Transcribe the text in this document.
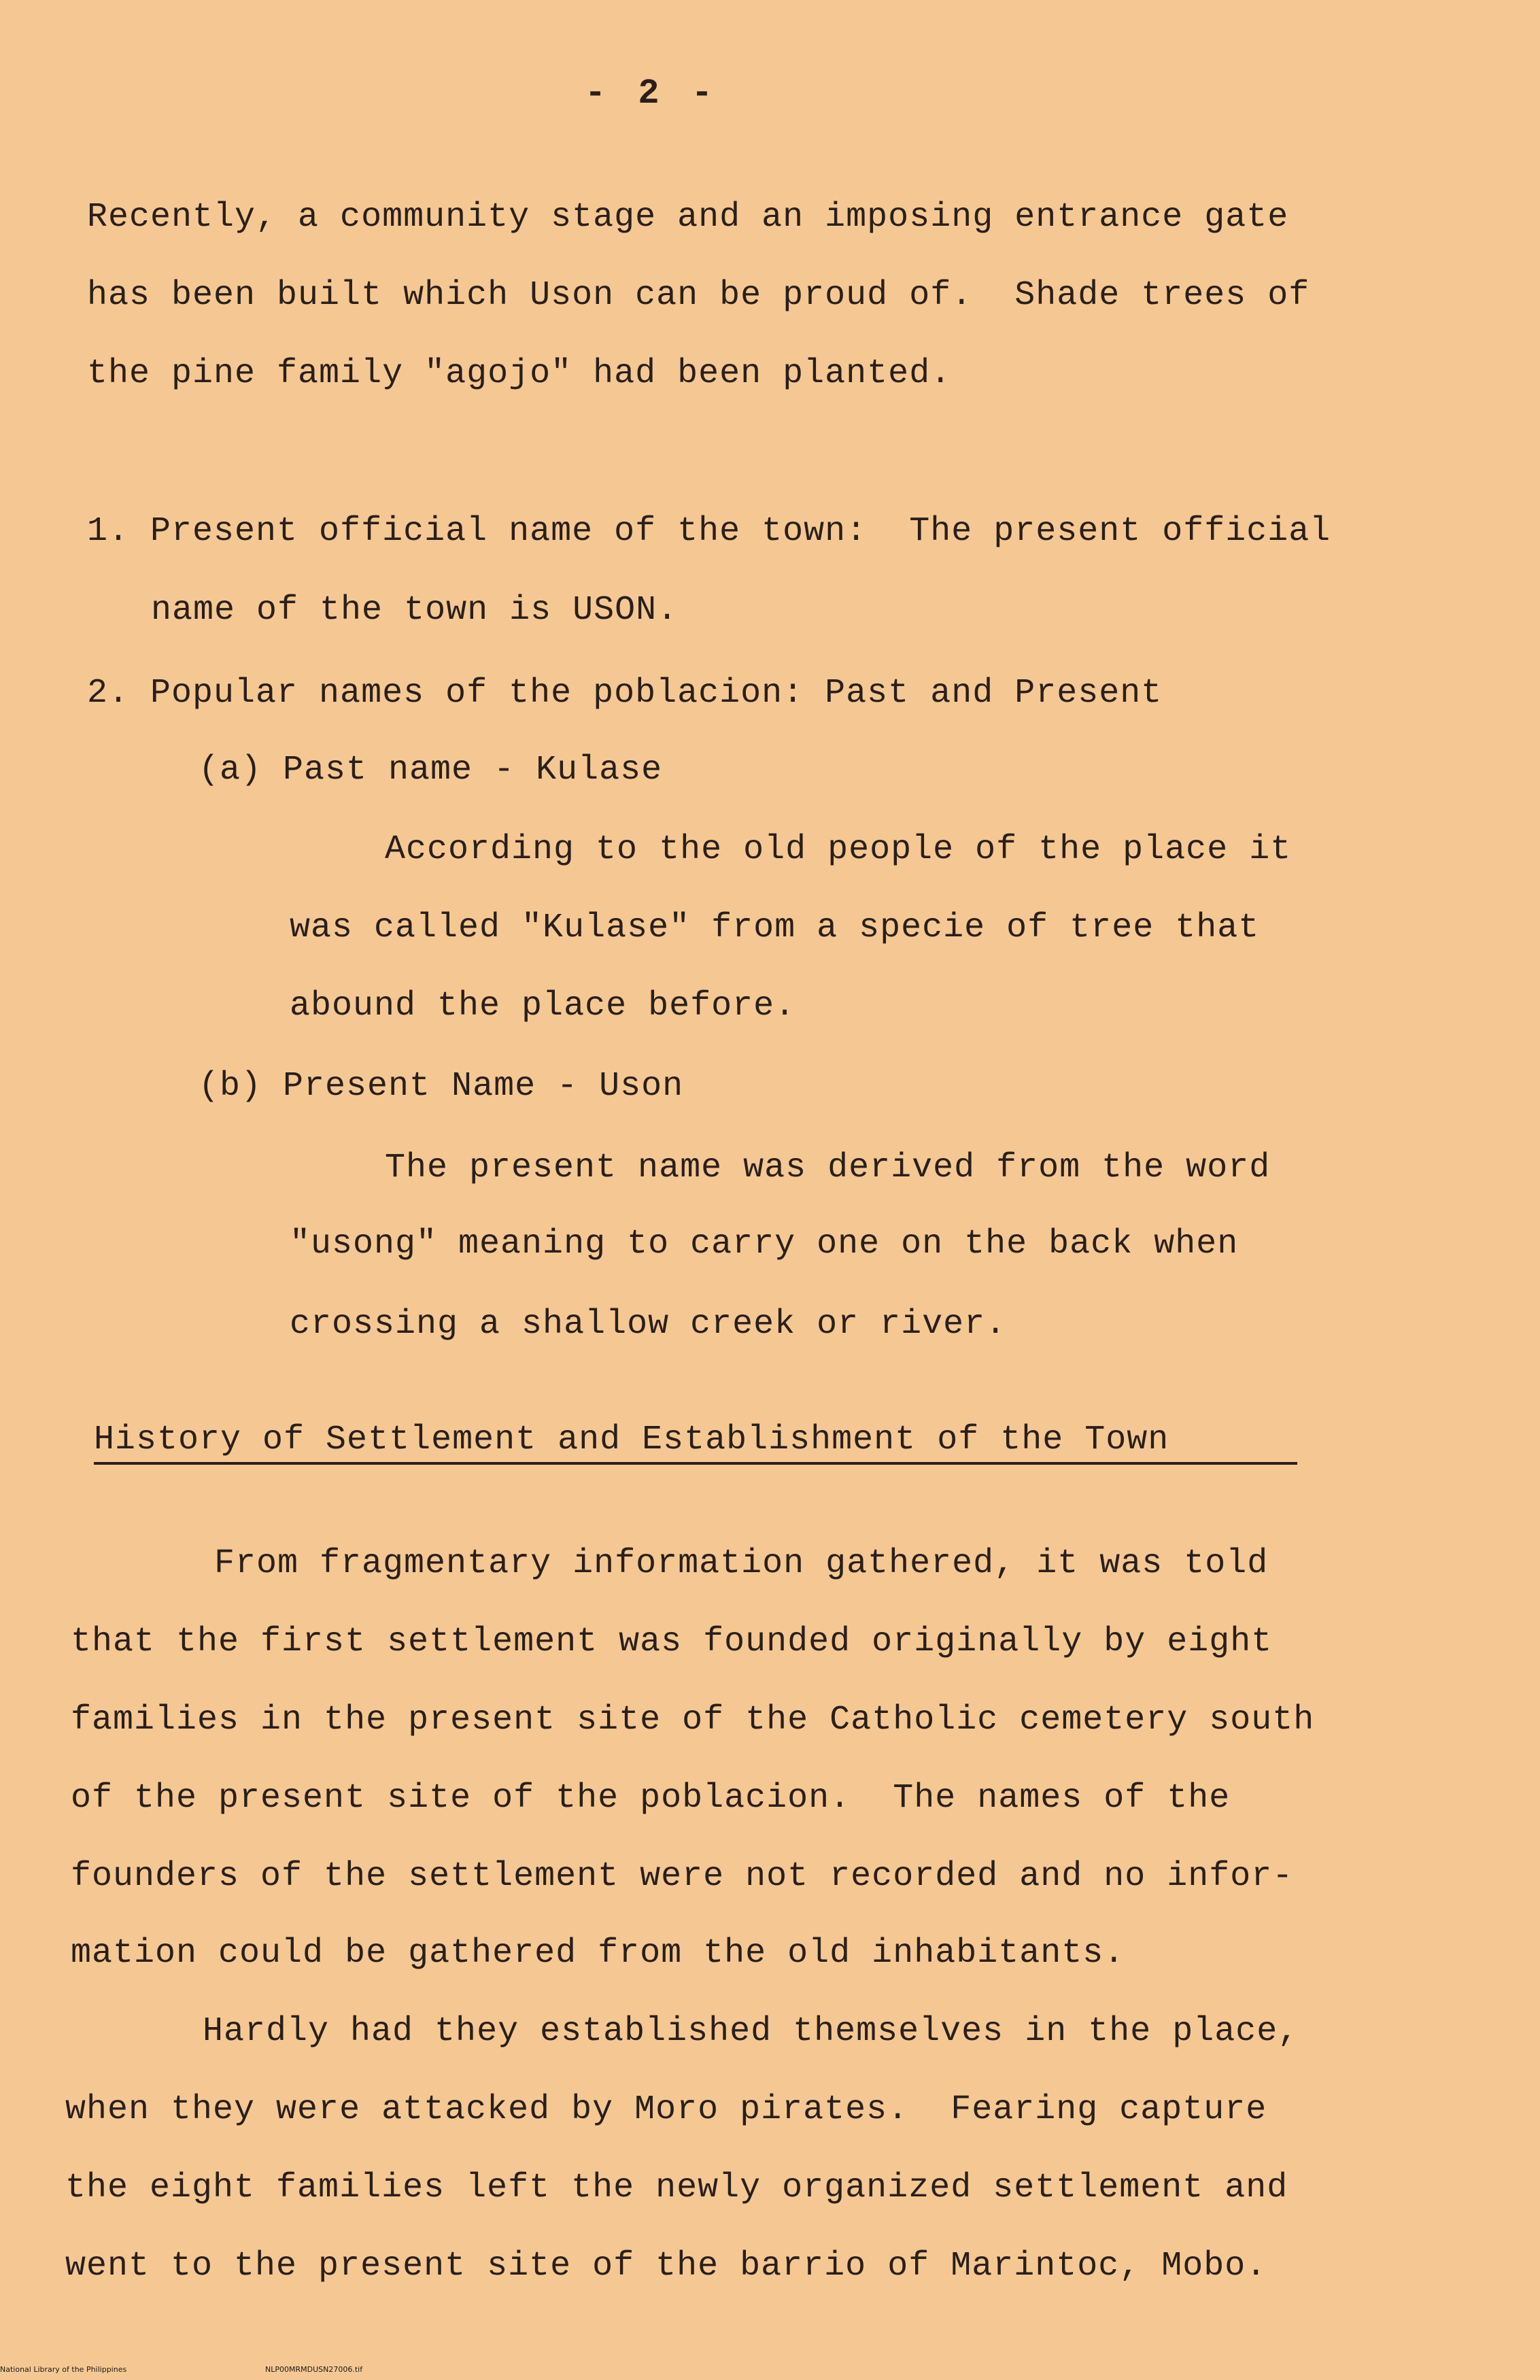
- 2 -
Recently, a community stage and an imposing entrance gate
has been built which Uson can be proud of.  Shade trees of
the pine family "agojo" had been planted.
1. Present official name of the town:  The present official
name of the town is USON.
2. Popular names of the poblacion: Past and Present
(a) Past name - Kulase
According to the old people of the place it
was called "Kulase" from a specie of tree that
abound the place before.
(b) Present Name - Uson
The present name was derived from the word
"usong" meaning to carry one on the back when
crossing a shallow creek or river.
History of Settlement and Establishment of the Town
From fragmentary information gathered, it was told
that the first settlement was founded originally by eight
families in the present site of the Catholic cemetery south
of the present site of the poblacion.  The names of the
founders of the settlement were not recorded and no infor-
mation could be gathered from the old inhabitants.
Hardly had they established themselves in the place,
when they were attacked by Moro pirates.  Fearing capture
the eight families left the newly organized settlement and
went to the present site of the barrio of Marintoc, Mobo.
National Library of the Philippines	NLP00MRMDUSN27006.tif
